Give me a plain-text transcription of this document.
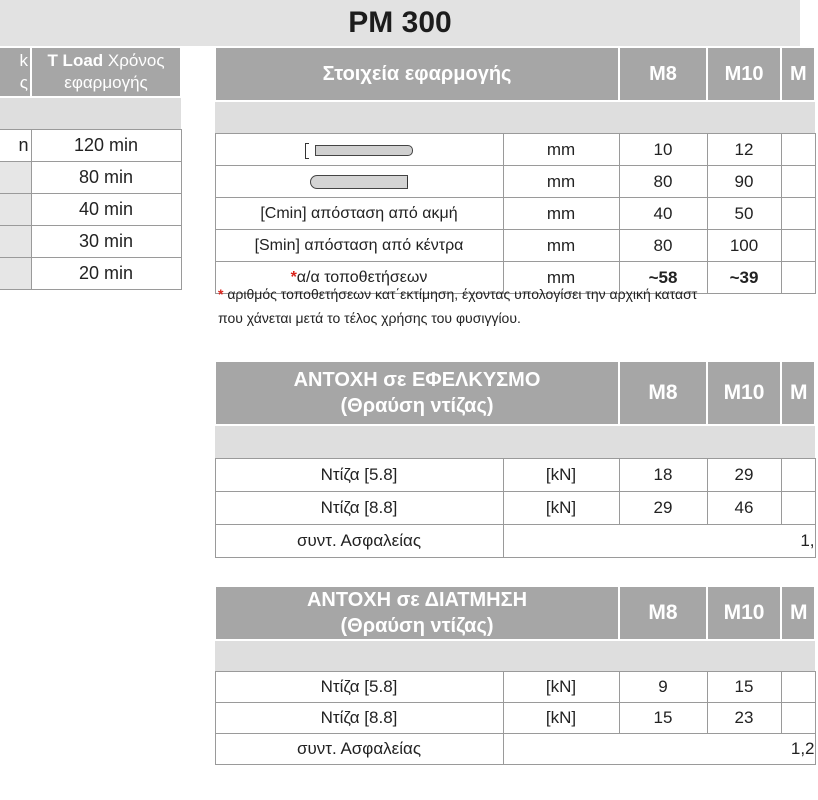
PM 300
k
ς	T Load Χρόνος
εφαρμογής

n	120 min
	80 min
	40 min
	30 min
	20 min
Στοιχεία εφαρμογής		M8	M10	M

	mm	10	12	

	mm	80	90	
[Cmin] απόσταση από ακμή	mm	40	50	
[Smin] απόσταση από κέντρα	mm	80	100	
*α/α τοποθετήσεων	mm	~58	~39	
* αριθμός τοποθετήσεων κατ΄εκτίμηση, έχοντας υπολογίσει την αρχική καταστ
που χάνεται μετά το τέλος χρήσης του φυσιγγίου.
ΑΝΤΟΧΗ σε ΕΦΕΛΚΥΣΜΟ
(Θραύση ντίζας)		M8	M10	M

Ντίζα [5.8]	[kN]	18	29	
Ντίζα [8.8]	[kN]	29	46	
συντ. Ασφαλείας	1,			
ΑΝΤΟΧΗ σε ΔΙΑΤΜΗΣΗ
(Θραύση ντίζας)		M8	M10	M

Ντίζα [5.8]	[kN]	9	15	
Ντίζα [8.8]	[kN]	15	23	
συντ. Ασφαλείας	1,2			
